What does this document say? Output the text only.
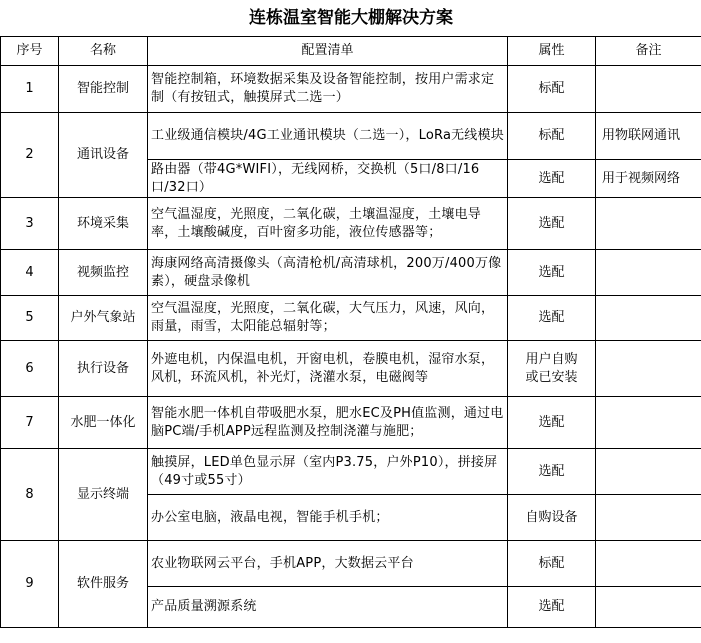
连栋温室智能大棚解决方案				
序号	名称	配置清单	属性	备注
1	智能控制	智能控制箱，环境数据采集及设备智能控制，按用户需求定制（有按钮式，触摸屏式二选一）	标配	
2	通讯设备	工业级通信模块/4G工业通讯模块（二选一），LoRa无线模块	标配	用物联网通讯
		路由器（带4G*WIFI），无线网桥，交换机（5口/8口/16口/32口）	选配	用于视频网络
3	环境采集	空气温湿度，光照度，二氧化碳，土壤温湿度，土壤电导率，土壤酸碱度，百叶窗多功能，液位传感器等；	选配	
4	视频监控	海康网络高清摄像头（高清枪机/高清球机，200万/400万像素），硬盘录像机	选配	
5	户外气象站	空气温湿度，光照度，二氧化碳，大气压力，风速，风向，雨量，雨雪，太阳能总辐射等；	选配	
6	执行设备	外遮电机，内保温电机，开窗电机，卷膜电机，湿帘水泵，风机，环流风机，补光灯，浇灌水泵，电磁阀等	用户自购或已安装	
7	水肥一体化	智能水肥一体机自带吸肥水泵，肥水EC及PH值监测，通过电脑PC端/手机APP远程监测及控制浇灌与施肥；	选配	
8	显示终端	触摸屏，LED单色显示屏（室内P3.75，户外P10），拼接屏（49寸或55寸）	选配	
		办公室电脑，液晶电视，智能手机手机；	自购设备	
9	软件服务	农业物联网云平台，手机APP，大数据云平台	标配	
		产品质量溯源系统	选配	
